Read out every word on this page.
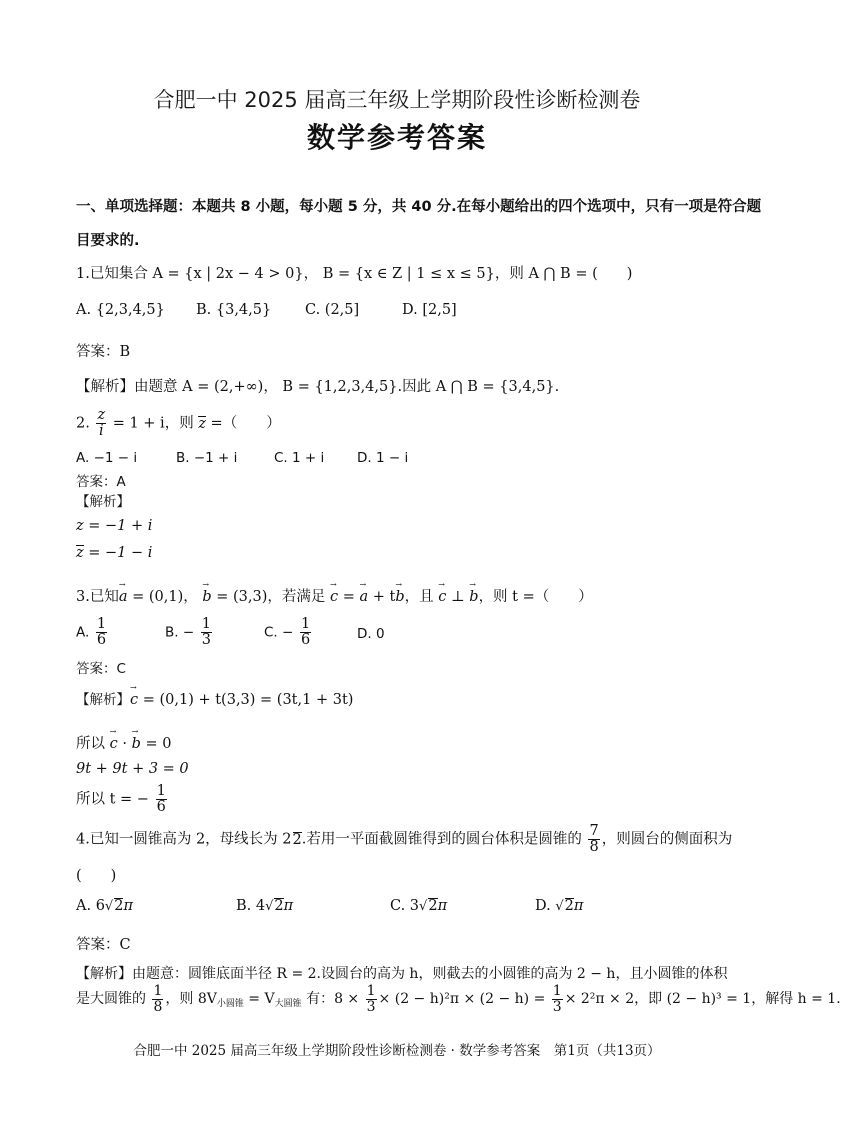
合肥一中 2025 届高三年级上学期阶段性诊断检测卷
数学参考答案
一、单项选择题：本题共 8 小题，每小题 5 分，共 40 分.在每小题给出的四个选项中，只有一项是符合题
目要求的.
1.已知集合 A = {x | 2x − 4 > 0}， B = {x ∈ Z | 1 ≤ x ≤ 5}，则 A ⋂ B = (　　)
A. {2,3,4,5} B. {3,4,5} C. (2,5]	D. [2,5]
答案：B
【解析】由题意 A = (2,+∞)， B = {1,2,3,4,5}.因此 A ⋂ B = {3,4,5}.
2. $\frac{z}{i} = 1 + i$，则 z =（　　）
A. −1 − i	B. −1 + i	C. 1 + i D. 1 − i
答案：A
【解析】
z = −1 + i
z = −1 − i
3.已知→ a = (0,1)， → b = (3,3)，若满足 → c = → a + t→ b，且 → c ⊥ → b，则 t =（　　）
A. $\frac{1}{6}$	B. − $\frac{1}{3}$	C. − $\frac{1}{6}$	D. 0
答案：C
【解析】→ c = (0,1) + t(3,3) = (3t,1 + 3t)
所以 → c · → b = 0
9t + 9t + 3 = 0
所以 t = − $\frac{1}{6}$
4.已知一圆锥高为 2，母线长为 22.若用一平面截圆锥得到的圆台体积是圆锥的 $\frac{7}{8}$ ，则圆台的侧面积为
(　　)
A. 6√2π	B. 4√2π	C. 3√2π	D. √2π
答案：C
【解析】由题意：圆锥底面半径 R = 2.设圆台的高为 h，则截去的小圆锥的高为 2 − h，且小圆锥的体积
是大圆锥的 $\frac{1}{8}$ ，则 $8V_{小圆锥} = V_{大圆锥}$ 有：$8 \times \frac{1}{3} \times (2 - h)^2\pi \times (2 - h) = \frac{1}{3} \times 2^2\pi \times 2$，即 (2 − h)³ = 1，解得 h = 1.
合肥一中 2025 届高三年级上学期阶段性诊断检测卷 · 数学参考答案　第1页（共13页）
